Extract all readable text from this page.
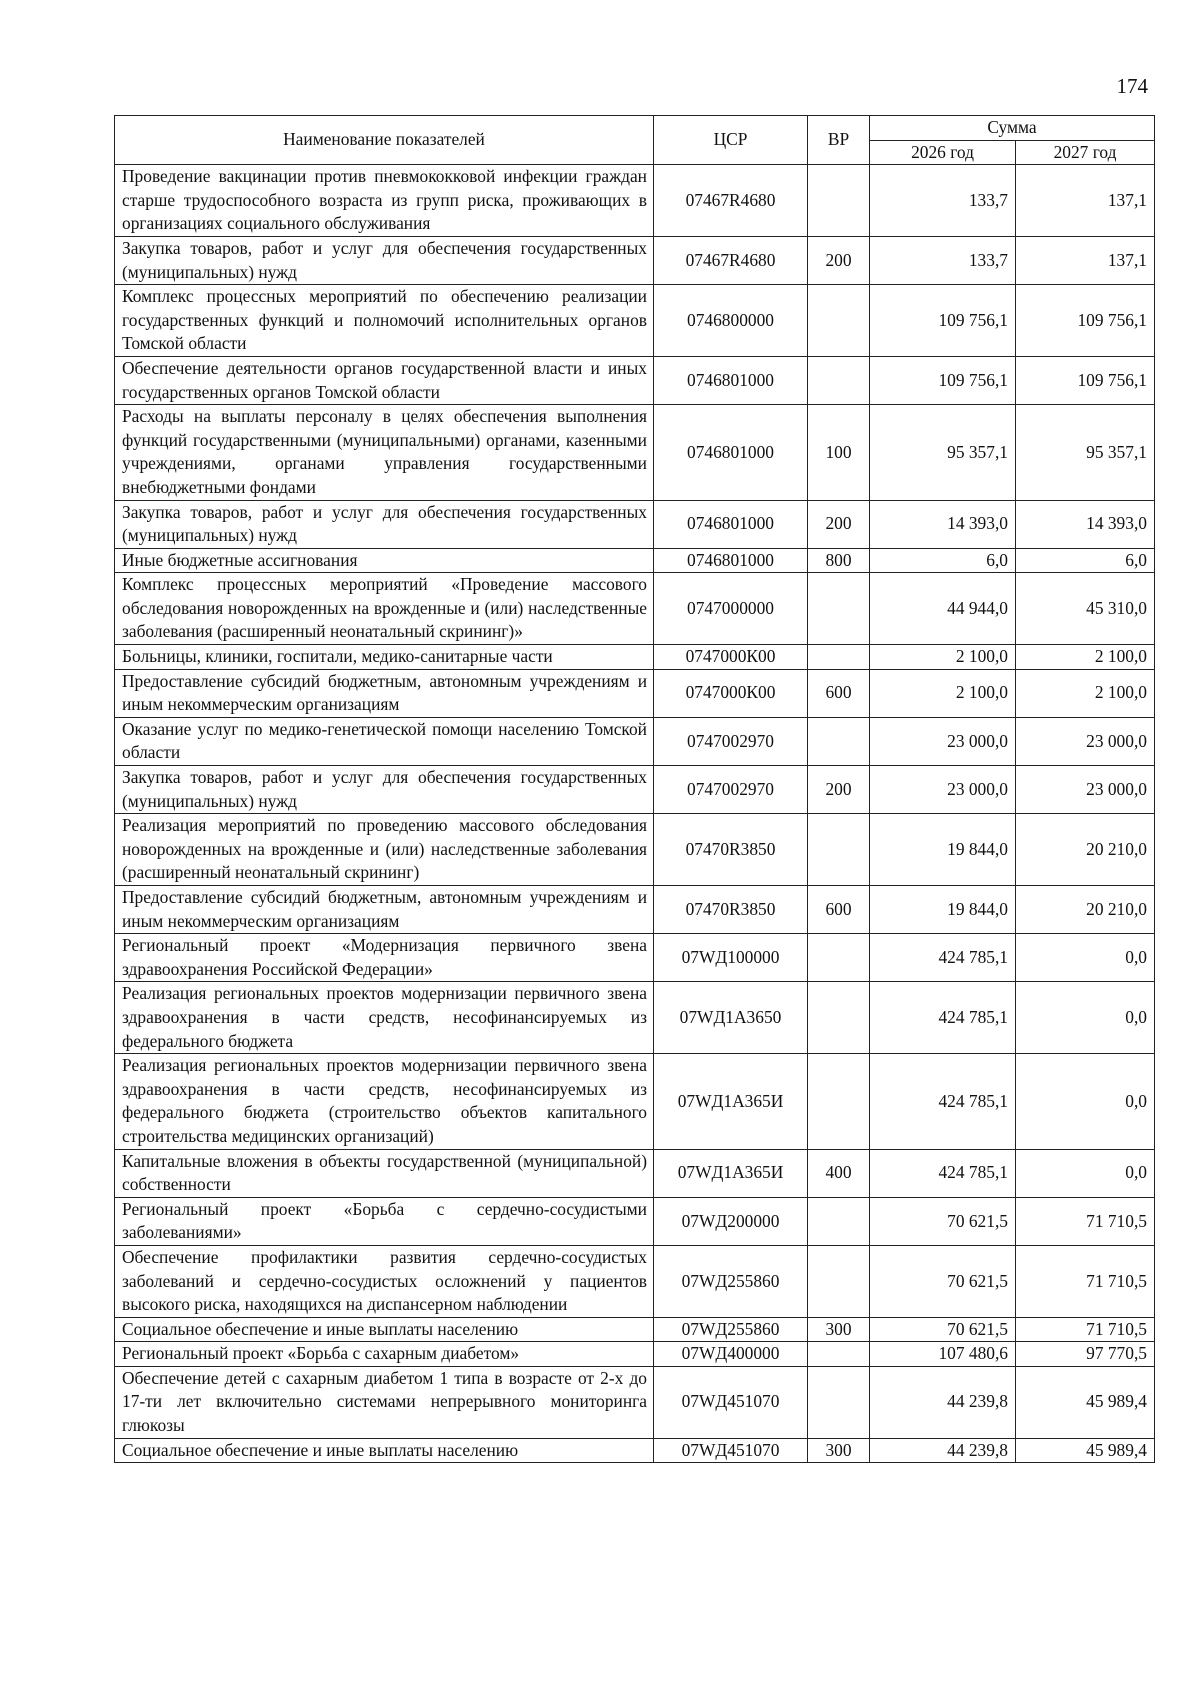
174
Наименование показателей	ЦСР	ВР	Сумма	
			2026 год	2027 год
Проведение вакцинации против пневмококковой инфекции граждан старше трудоспособного возраста из групп риска, проживающих в организациях социального обслуживания	07467R4680		133,7	137,1
Закупка товаров, работ и услуг для обеспечения государственных (муниципальных) нужд	07467R4680	200	133,7	137,1
Комплекс процессных мероприятий по обеспечению реализации государственных функций и полномочий исполнительных органов Томской области	0746800000		109 756,1	109 756,1
Обеспечение деятельности органов государственной власти и иных государственных органов Томской области	0746801000		109 756,1	109 756,1
Расходы на выплаты персоналу в целях обеспечения выполнения функций государственными (муниципальными) органами, казенными учреждениями, органами управления государственными внебюджетными фондами	0746801000	100	95 357,1	95 357,1
Закупка товаров, работ и услуг для обеспечения государственных (муниципальных) нужд	0746801000	200	14 393,0	14 393,0
Иные бюджетные ассигнования	0746801000	800	6,0	6,0
Комплекс процессных мероприятий «Проведение массового обследования новорожденных на врожденные и (или) наследственные заболевания (расширенный неонатальный скрининг)»	0747000000		44 944,0	45 310,0
Больницы, клиники, госпитали, медико-санитарные части	0747000К00		2 100,0	2 100,0
Предоставление субсидий бюджетным, автономным учреждениям и иным некоммерческим организациям	0747000К00	600	2 100,0	2 100,0
Оказание услуг по медико-генетической помощи населению Томской области	0747002970		23 000,0	23 000,0
Закупка товаров, работ и услуг для обеспечения государственных (муниципальных) нужд	0747002970	200	23 000,0	23 000,0
Реализация мероприятий по проведению массового обследования новорожденных на врожденные и (или) наследственные заболевания (расширенный неонатальный скрининг)	07470R3850		19 844,0	20 210,0
Предоставление субсидий бюджетным, автономным учреждениям и иным некоммерческим организациям	07470R3850	600	19 844,0	20 210,0
Региональный проект «Модернизация первичного звена здравоохранения Российской Федерации»	07WД100000		424 785,1	0,0
Реализация региональных проектов модернизации первичного звена здравоохранения в части средств, несофинансируемых из федерального бюджета	07WД1А3650		424 785,1	0,0
Реализация региональных проектов модернизации первичного звена здравоохранения в части средств, несофинансируемых из федерального бюджета (строительство объектов капитального строительства медицинских организаций)	07WД1А365И		424 785,1	0,0
Капитальные вложения в объекты государственной (муниципальной) собственности	07WД1А365И	400	424 785,1	0,0
Региональный проект «Борьба с сердечно-сосудистыми заболеваниями»	07WД200000		70 621,5	71 710,5
Обеспечение профилактики развития сердечно-сосудистых заболеваний и сердечно-сосудистых осложнений у пациентов высокого риска, находящихся на диспансерном наблюдении	07WД255860		70 621,5	71 710,5
Социальное обеспечение и иные выплаты населению	07WД255860	300	70 621,5	71 710,5
Региональный проект «Борьба с сахарным диабетом»	07WД400000		107 480,6	97 770,5
Обеспечение детей с сахарным диабетом 1 типа в возрасте от 2-х до 17-ти лет включительно системами непрерывного мониторинга глюкозы	07WД451070		44 239,8	45 989,4
Социальное обеспечение и иные выплаты населению	07WД451070	300	44 239,8	45 989,4
